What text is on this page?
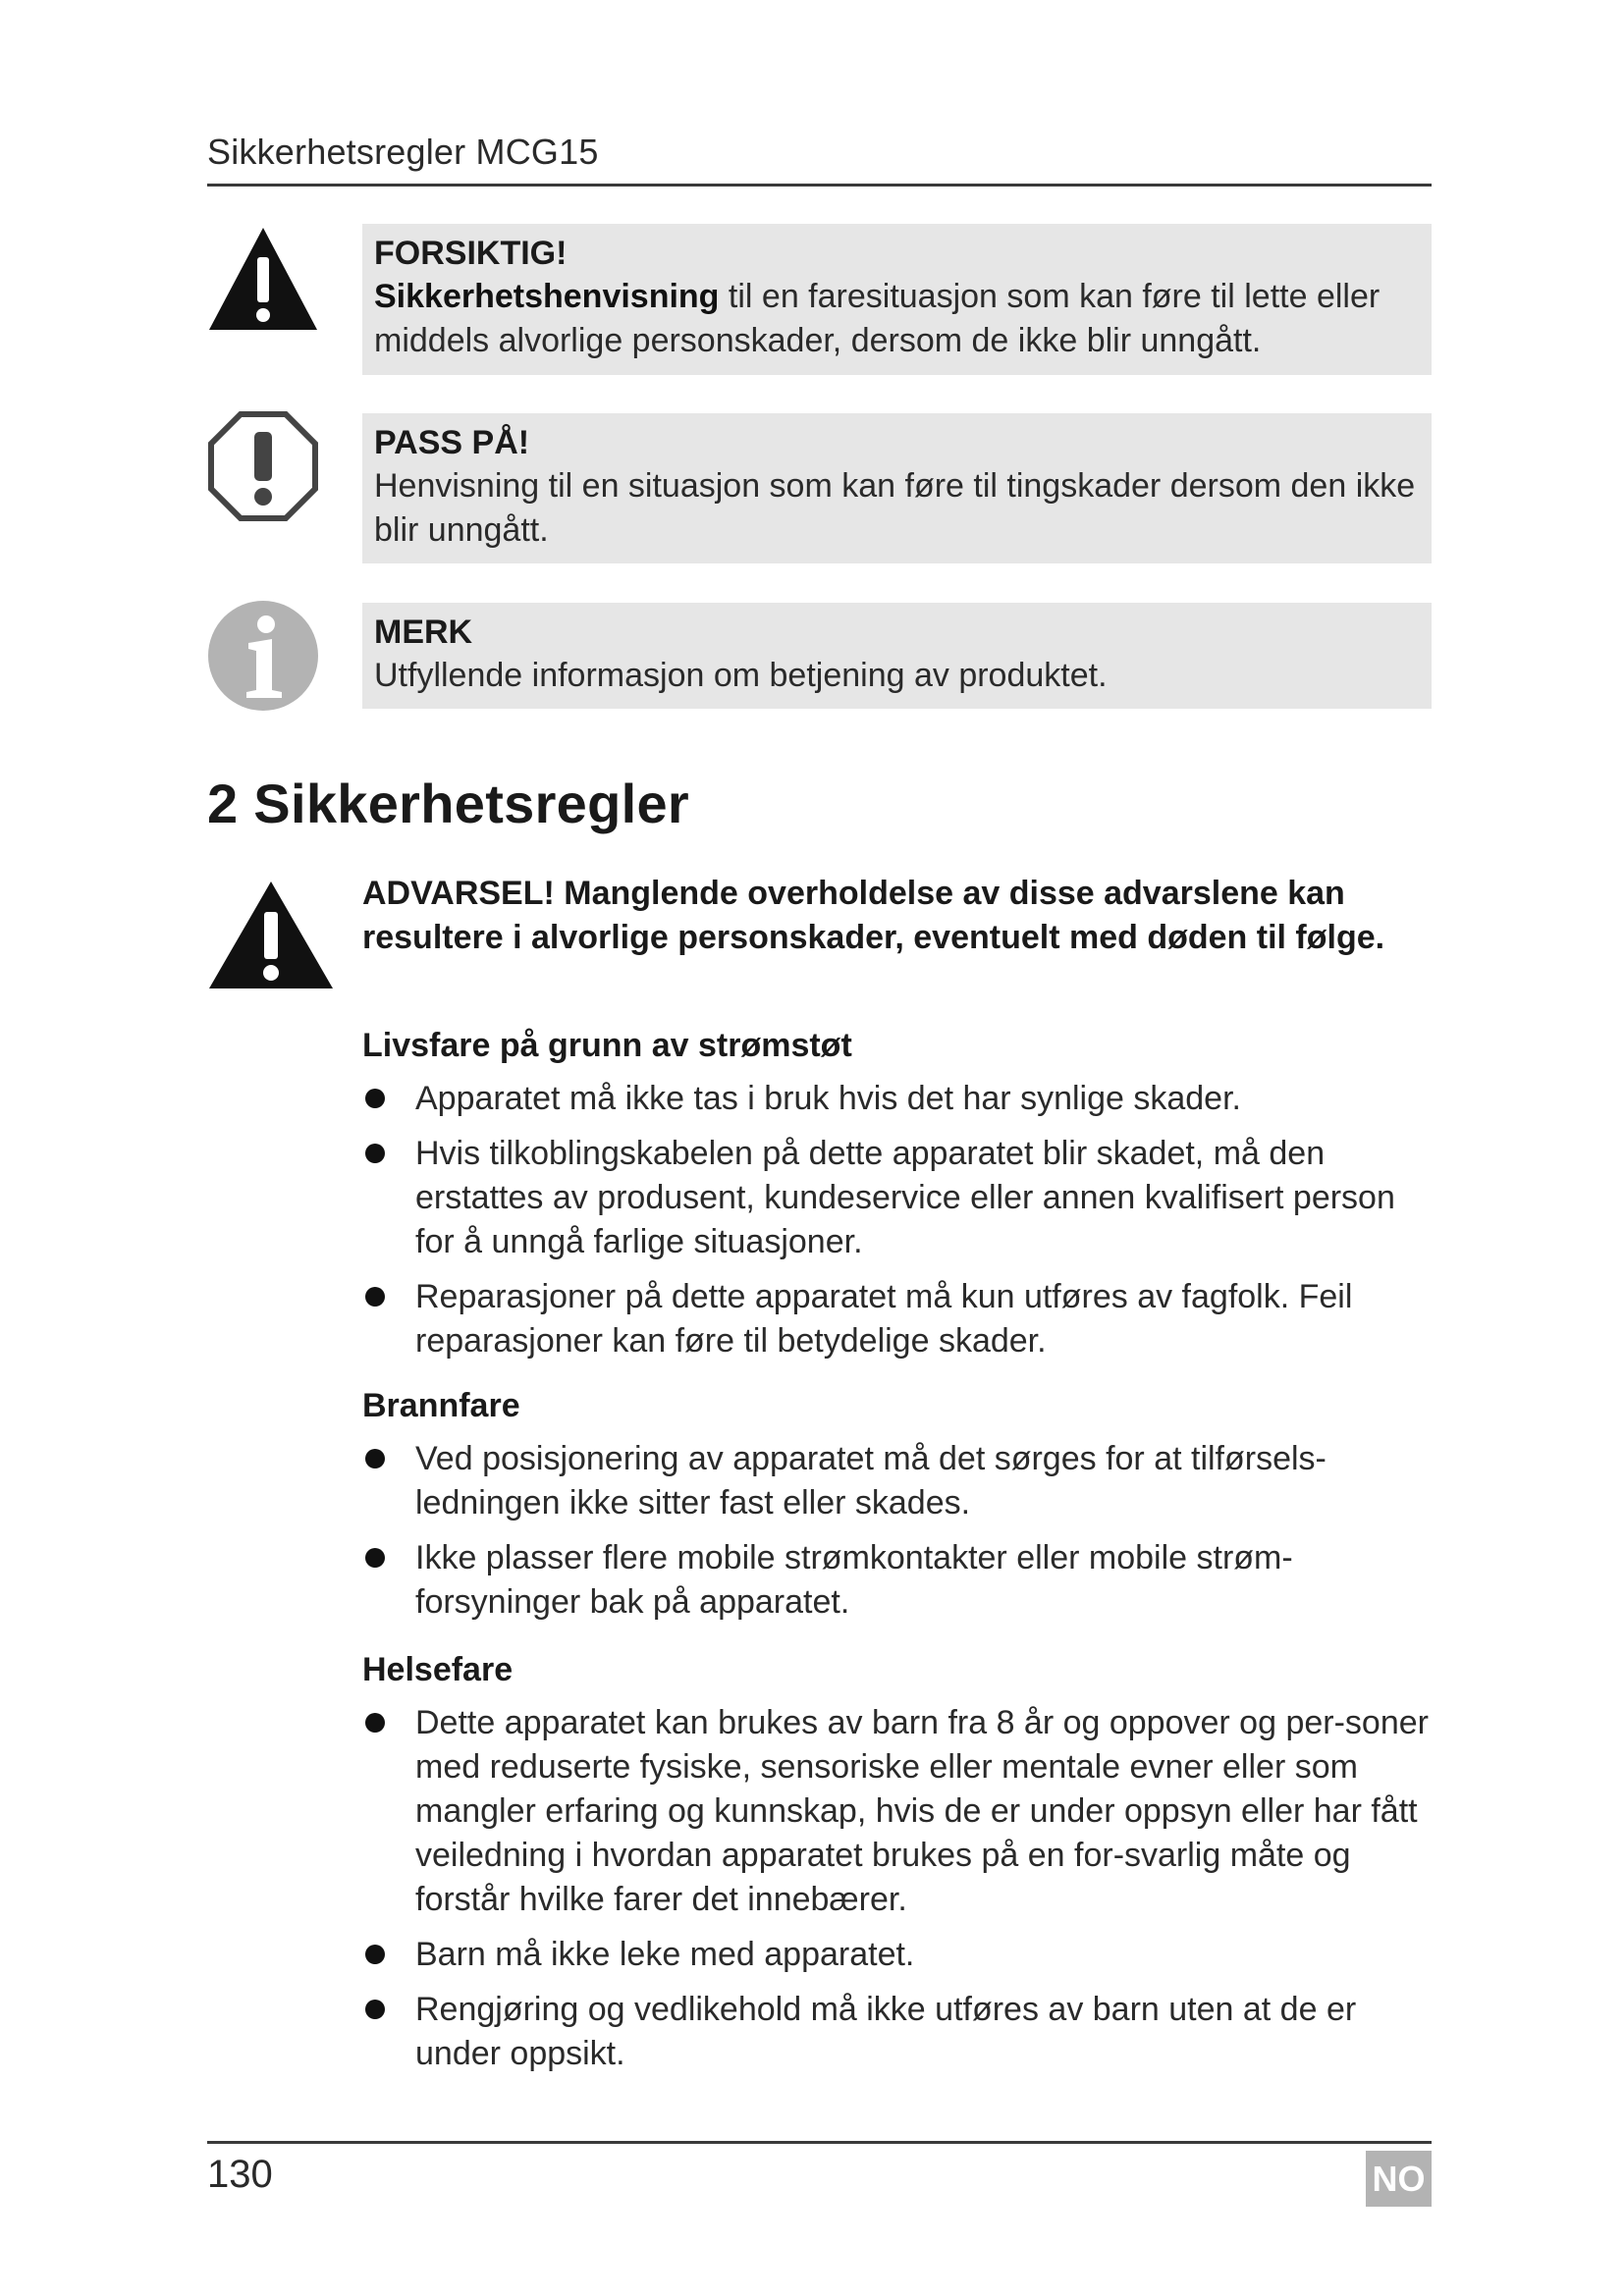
Sikkerhetsregler MCG15
FORSIKTIG!
Sikkerhetshenvisning til en faresituasjon som kan føre til lette eller middels alvorlige personskader, dersom de ikke blir unngått.
PASS PÅ!
Henvisning til en situasjon som kan føre til tingskader dersom den ikke blir unngått.
MERK
Utfyllende informasjon om betjening av produktet.
2 Sikkerhetsregler
ADVARSEL! Manglende overholdelse av disse advarslene kan resultere i alvorlige personskader, eventuelt med døden til følge.
Livsfare på grunn av strømstøt
Apparatet må ikke tas i bruk hvis det har synlige skader.
Hvis tilkoblingskabelen på dette apparatet blir skadet, må den erstattes av produsent, kundeservice eller annen kvalifisert person for å unngå farlige situasjoner.
Reparasjoner på dette apparatet må kun utføres av fagfolk. Feil reparasjoner kan føre til betydelige skader.
Brannfare
Ved posisjonering av apparatet må det sørges for at tilførsels-ledningen ikke sitter fast eller skades.
Ikke plasser flere mobile strømkontakter eller mobile strøm-forsyninger bak på apparatet.
Helsefare
Dette apparatet kan brukes av barn fra 8 år og oppover og per-soner med reduserte fysiske, sensoriske eller mentale evner eller som mangler erfaring og kunnskap, hvis de er under oppsyn eller har fått veiledning i hvordan apparatet brukes på en for-svarlig måte og forstår hvilke farer det innebærer.
Barn må ikke leke med apparatet.
Rengjøring og vedlikehold må ikke utføres av barn uten at de er under oppsikt.
130	NO
